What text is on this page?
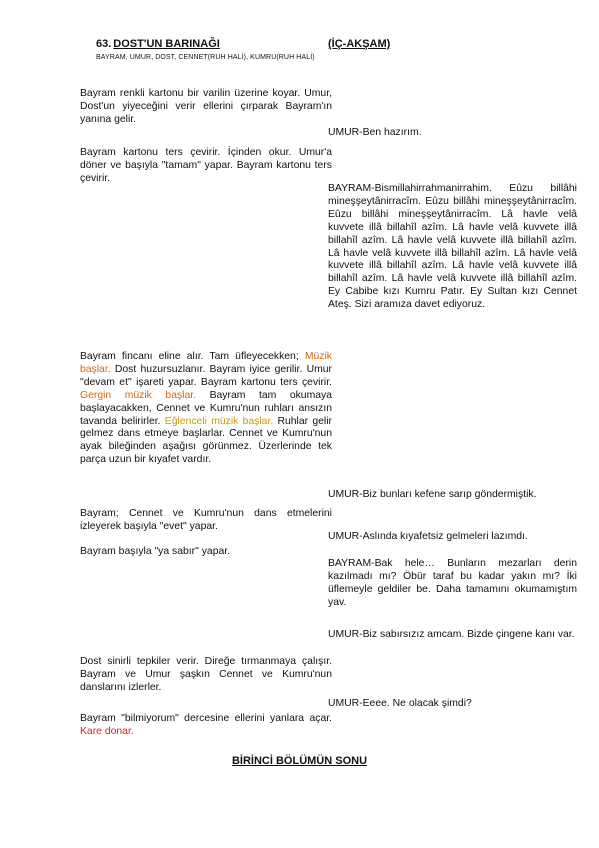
63. DOST'UN BARINAĞI	(İÇ-AKŞAM)
BAYRAM, UMUR, DOST, CENNET(RUH HALİ), KUMRU(RUH HALİ)
Bayram renkli kartonu bir varilin üzerine koyar. Umur, Dost'un yiyeceğini verir ellerini çırparak Bayram'ın yanına gelir.
UMUR-Ben hazırım.
Bayram kartonu ters çevirir. İçinden okur. Umur'a döner ve başıyla "tamam" yapar. Bayram kartonu ters çevirir.
BAYRAM-Bismillahirrahmanirrahim. Eûzu billâhi mineşşeytânirracîm. Eûzu billâhi mineşşeytânirracîm. Eûzu billâhi mineşşeytânirracîm. Lâ havle velâ kuvvete illâ billahîl azîm. Lâ havle velâ kuvvete illâ billahîl azîm. Lâ havle velâ kuvvete illâ billahîl azîm. Lâ havle velâ kuvvete illâ billahîl azîm. Lâ havle velâ kuvvete illâ billahîl azîm. Lâ havle velâ kuvvete illâ billahîl azîm. Lâ havle velâ kuvvete illâ billahîl azîm. Ey Cabibe kızı Kumru Patır. Ey Sultan kızı Cennet Ateş. Sizi aramıza davet ediyoruz.
Bayram fincanı eline alır. Tam üfleyecekken; Müzik başlar. Dost huzursuzlanır. Bayram iyice gerilir. Umur "devam et" işareti yapar. Bayram kartonu ters çevirir. Gergin müzik başlar. Bayram tam okumaya başlayacakken, Cennet ve Kumru'nun ruhları ansızın tavanda belirirler. Eğlenceli müzik başlar. Ruhlar gelir gelmez dans etmeye başlarlar. Cennet ve Kumru'nun ayak bileğinden aşağısı görünmez. Üzerlerinde tek parça uzun bir kıyafet vardır.
UMUR-Biz bunları kefene sarıp göndermiştik.
Bayram; Cennet ve Kumru'nun dans etmelerini izleyerek başıyla "evet" yapar.
UMUR-Aslında kıyafetsiz gelmeleri lazımdı.
Bayram başıyla "ya sabır" yapar.
BAYRAM-Bak hele… Bunların mezarları derin kazılmadı mı? Öbür taraf bu kadar yakın mı? İki üflemeyle geldiler be. Daha tamamını okumamıştım yav.
UMUR-Biz sabırsızız amcam. Bizde çingene kanı var.
Dost sinirli tepkiler verir. Direğe tırmanmaya çalışır. Bayram ve Umur şaşkın Cennet ve Kumru'nun danslarını izlerler.
UMUR-Eeee. Ne olacak şimdi?
Bayram "bilmiyorum" dercesine ellerini yanlara açar. Kare donar.
BİRİNCİ BÖLÜMÜN SONU
